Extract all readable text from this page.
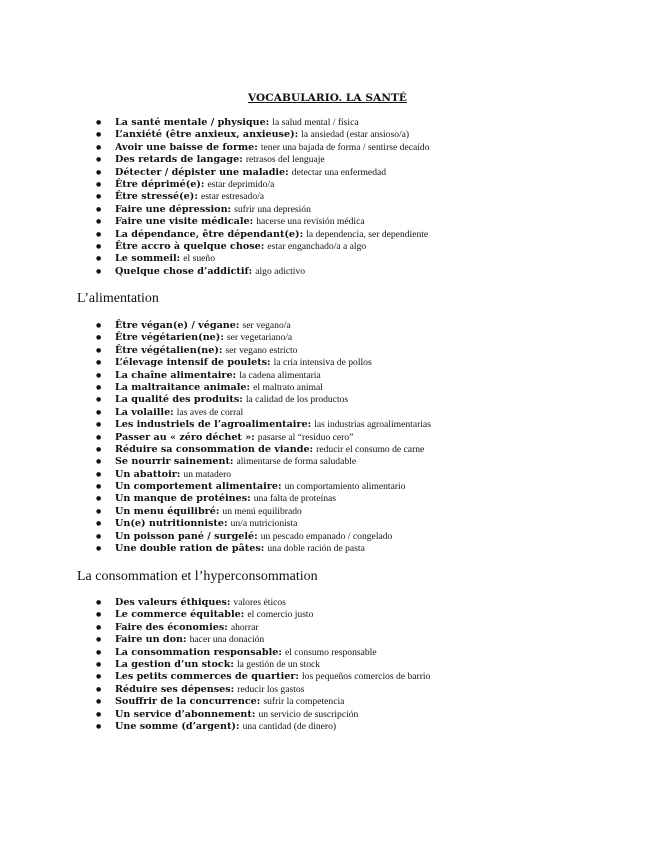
VOCABULARIO. LA SANTÉ
● La santé mentale / physique: la salud mental / física
● L’anxiété (être anxieux, anxieuse): la ansiedad (estar ansioso/a)
● Avoir une baisse de forme: tener una bajada de forma / sentirse decaído
● Des retards de langage: retrasos del lenguaje
● Détecter / dépister une maladie: detectar una enfermedad
● Être déprimé(e): estar deprimido/a
● Être stressé(e): estar estresado/a
● Faire une dépression: sufrir una depresión
● Faire une visite médicale: hacerse una revisión médica
● La dépendance, être dépendant(e): la dependencia, ser dependiente
● Être accro à quelque chose: estar enganchado/a a algo
● Le sommeil: el sueño
● Quelque chose d’addictif: algo adictivo
L’alimentation
● Être végan(e) / végane: ser vegano/a
● Être végétarien(ne): ser vegetariano/a
● Être végétalien(ne): ser vegano estricto
● L’élevage intensif de poulets: la cría intensiva de pollos
● La chaîne alimentaire: la cadena alimentaria
● La maltraitance animale: el maltrato animal
● La qualité des produits: la calidad de los productos
● La volaille: las aves de corral
● Les industriels de l’agroalimentaire: las industrias agroalimentarias
● Passer au « zéro déchet »: pasarse al “residuo cero”
● Réduire sa consommation de viande: reducir el consumo de carne
● Se nourrir sainement: alimentarse de forma saludable
● Un abattoir: un matadero
● Un comportement alimentaire: un comportamiento alimentario
● Un manque de protéines: una falta de proteínas
● Un menu équilibré: un menú equilibrado
● Un(e) nutritionniste: un/a nutricionista
● Un poisson pané / surgelé: un pescado empanado / congelado
● Une double ration de pâtes: una doble ración de pasta
La consommation et l’hyperconsommation
● Des valeurs éthiques: valores éticos
● Le commerce équitable: el comercio justo
● Faire des économies: ahorrar
● Faire un don: hacer una donación
● La consommation responsable: el consumo responsable
● La gestion d’un stock: la gestión de un stock
● Les petits commerces de quartier: los pequeños comercios de barrio
● Réduire ses dépenses: reducir los gastos
● Souffrir de la concurrence: sufrir la competencia
● Un service d’abonnement: un servicio de suscripción
● Une somme (d’argent): una cantidad (de dinero)
